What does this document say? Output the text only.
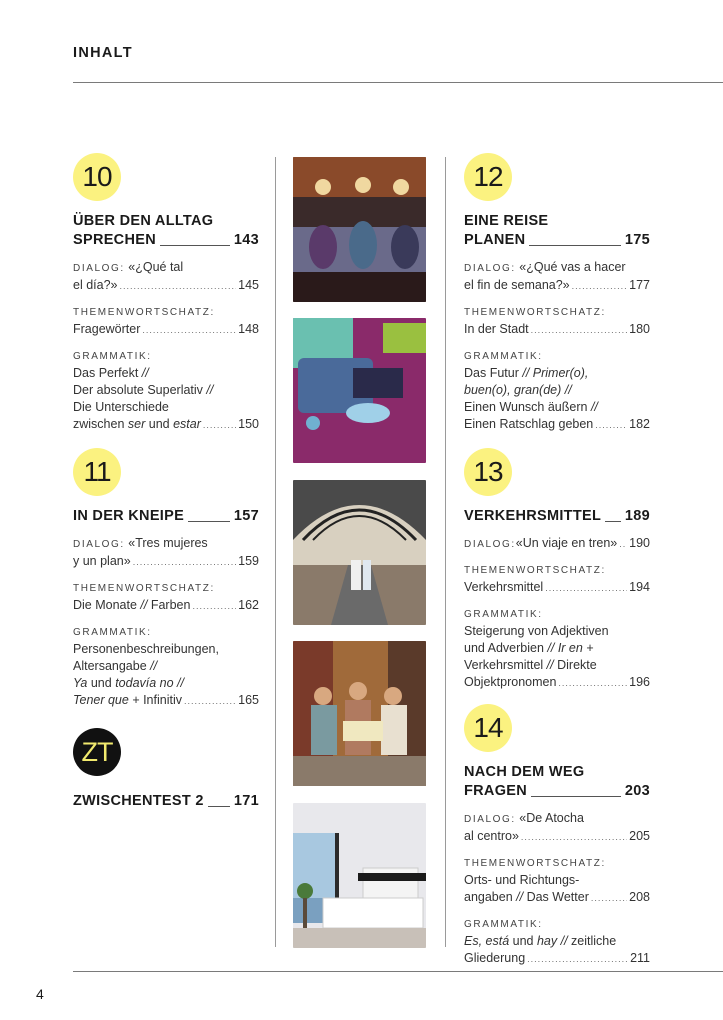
INHALT
10
ÜBER DEN ALLTAG
SPRECHEN	143
DIALOG:
«¿Qué tal
el día?» .....	145
THEMENWORTSCHATZ:
Fragewörter .....	148
GRAMMATIK:
Das Perfekt //
Der absolute Superlativ //
Die Unterschiede
zwischen ser und estar .....	150
11
IN DER KNEIPE	157
DIALOG:
«Tres mujeres
y un plan» .....	159
THEMENWORTSCHATZ:
Die Monate // Farben .....	162
GRAMMATIK:
Personenbeschreibungen,
Altersangabe //
Ya und todavía no //
Tener que + Infinitiv .....	165
ZT
ZWISCHENTEST 2 171
12
EINE REISE
PLANEN	175
DIALOG:
«¿Qué vas a hacer
el fin de semana?» .....	177
THEMENWORTSCHATZ:
In der Stadt .....	180
GRAMMATIK:
Das Futur // Primer(o),
buen(o), gran(de) //
Einen Wunsch äußern //
Einen Ratschlag geben .....	182
13
VERKEHRSMITTEL 189
DIALOG: «Un viaje en tren» ..... 190
THEMENWORTSCHATZ:
Verkehrsmittel .....	194
GRAMMATIK:
Steigerung von Adjektiven
und Adverbien // Ir en +
Verkehrsmittel // Direkte
Objektpronomen .....	196
14
NACH DEM WEG
FRAGEN	203
DIALOG:
«De Atocha
al centro» .....	205
THEMENWORTSCHATZ:
Orts- und Richtungs-
angaben // Das Wetter .....	208
GRAMMATIK:
Es, está und hay // zeitliche
Gliederung .....	211
4
